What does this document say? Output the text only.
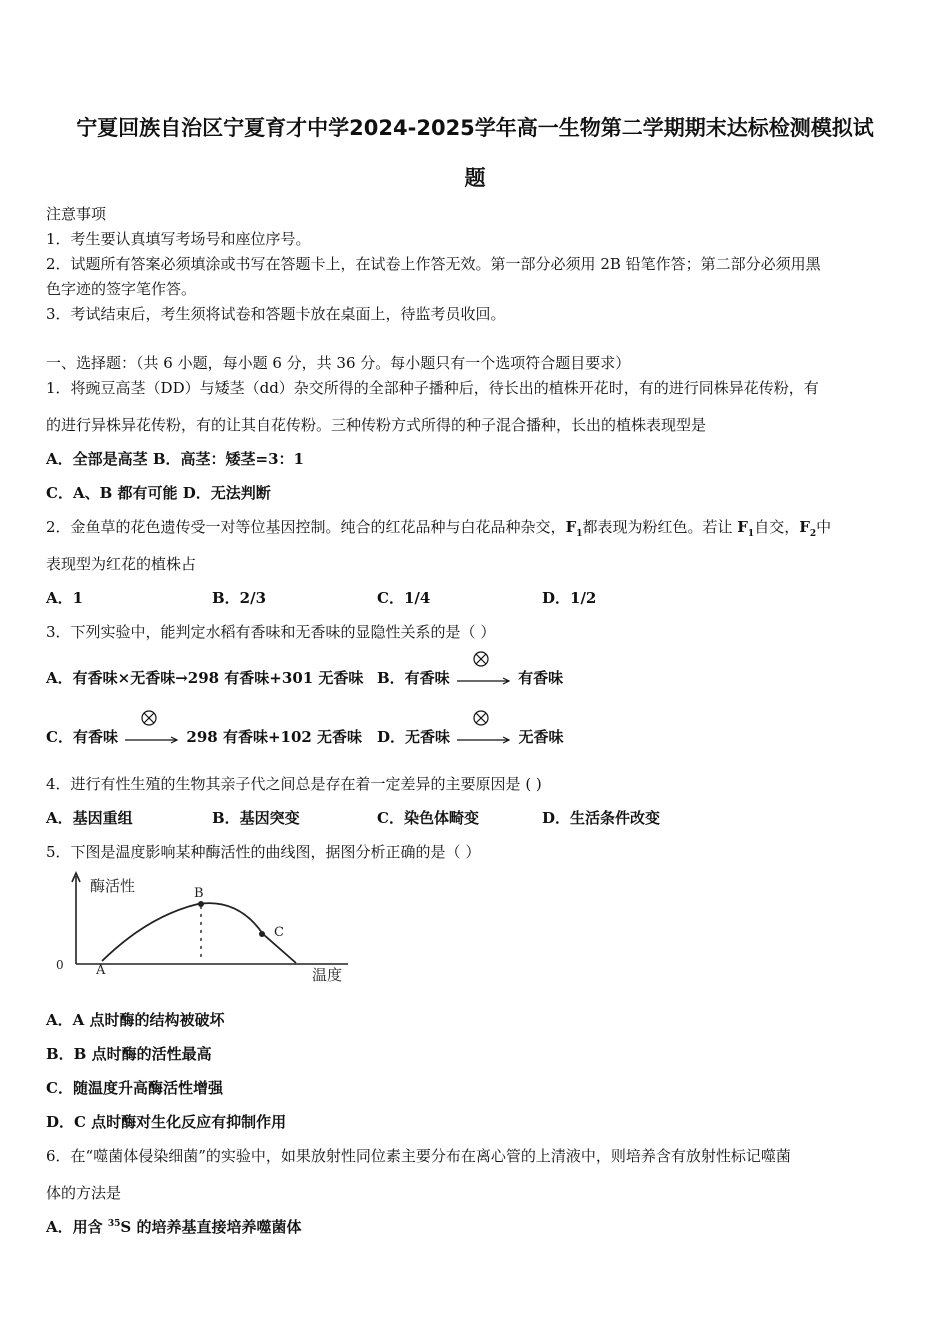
宁夏回族自治区宁夏育才中学2024-2025学年高一生物第二学期期末达标检测模拟试
题
注意事项
1．考生要认真填写考场号和座位序号。
2．试题所有答案必须填涂或书写在答题卡上，在试卷上作答无效。第一部分必须用 2B 铅笔作答；第二部分必须用黑
色字迹的签字笔作答。
3．考试结束后，考生须将试卷和答题卡放在桌面上，待监考员收回。
一、选择题：（共 6 小题，每小题 6 分，共 36 分。每小题只有一个选项符合题目要求）
1．将豌豆高茎（DD）与矮茎（dd）杂交所得的全部种子播种后，待长出的植株开花时，有的进行同株异花传粉，有
的进行异株异花传粉，有的让其自花传粉。三种传粉方式所得的种子混合播种，长出的植株表现型是
A．全部是高茎 B．高茎：矮茎=3：1
C．A、B 都有可能 D．无法判断
2．金鱼草的花色遗传受一对等位基因控制。纯合的红花品种与白花品种杂交，$F_1$都表现为粉红色。若让 $F_1$自交，$F_2$中
表现型为红花的植株占
A．1	B．2/3	C．1/4	D．1/2
3．下列实验中，能判定水稻有香味和无香味的显隐性关系的是（ ）
A．有香味×无香味→298 有香味+301 无香味 B．有香味	有香味
C．有香味	298 有香味+102 无香味 D．无香味	无香味
4．进行有性生殖的生物其亲子代之间总是存在着一定差异的主要原因是 ( )
A．基因重组	B．基因突变	C．染色体畸变	D．生活条件改变
5．下图是温度影响某种酶活性的曲线图，据图分析正确的是（ ）
酶活性
0 A
B
C
温度
A．A 点时酶的结构被破坏
B．B 点时酶的活性最高
C．随温度升高酶活性增强
D．C 点时酶对生化反应有抑制作用
6．在“噬菌体侵染细菌”的实验中，如果放射性同位素主要分布在离心管的上清液中，则培养含有放射性标记噬菌
体的方法是
A．用含 $^{35}$S 的培养基直接培养噬菌体
